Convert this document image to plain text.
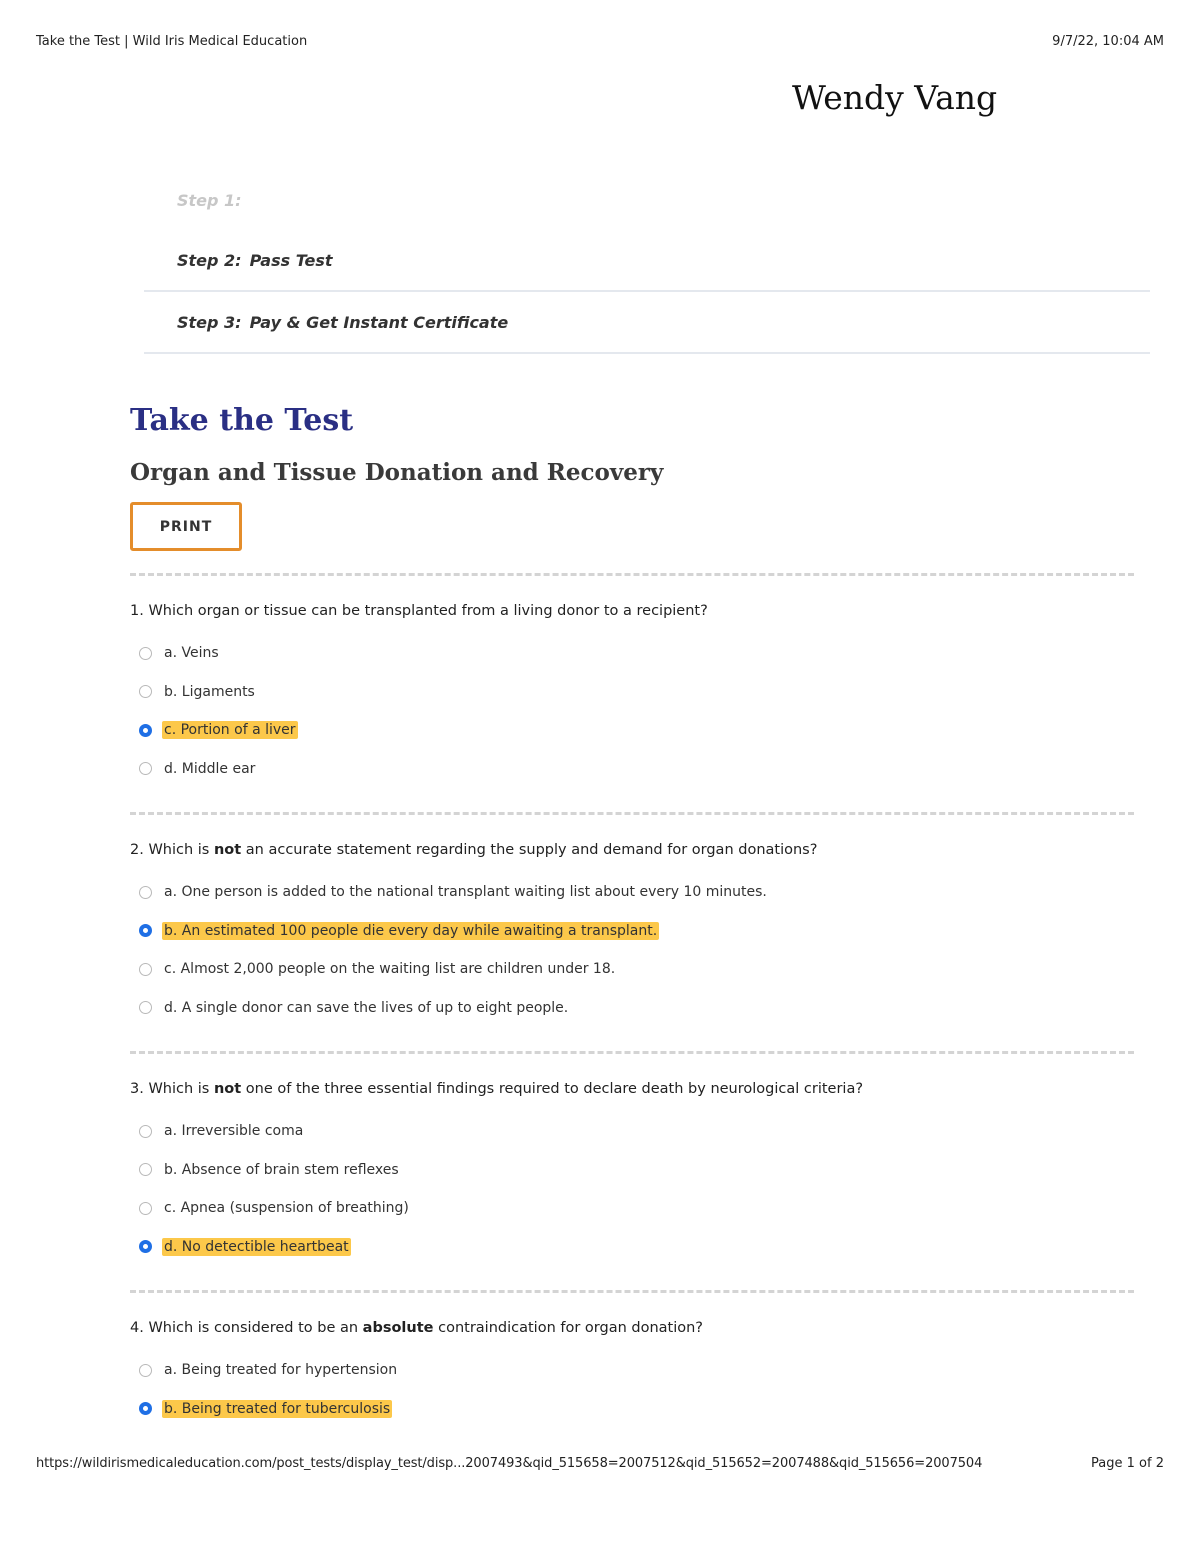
Take the Test | Wild Iris Medical Education	9/7/22, 10:04 AM
Wendy Vang
Step 1:
Step 2: Pass Test
Step 3: Pay & Get Instant Certificate
Take the Test
Organ and Tissue Donation and Recovery
PRINT

1. Which organ or tissue can be transplanted from a living donor to a recipient?

a. Veins
b. Ligaments
c. Portion of a liver
d. Middle ear

2. Which is not an accurate statement regarding the supply and demand for organ donations?

a. One person is added to the national transplant waiting list about every 10 minutes.
b. An estimated 100 people die every day while awaiting a transplant.
c. Almost 2,000 people on the waiting list are children under 18.
d. A single donor can save the lives of up to eight people.

3. Which is not one of the three essential findings required to declare death by neurological criteria?

a. Irreversible coma
b. Absence of brain stem reflexes
c. Apnea (suspension of breathing)
d. No detectible heartbeat

4. Which is considered to be an absolute contraindication for organ donation?

a. Being treated for hypertension
b. Being treated for tuberculosis
https://wildirismedicaleducation.com/post_tests/display_test/disp...2007493&qid_515658=2007512&qid_515652=2007488&qid_515656=2007504	Page 1 of 2
